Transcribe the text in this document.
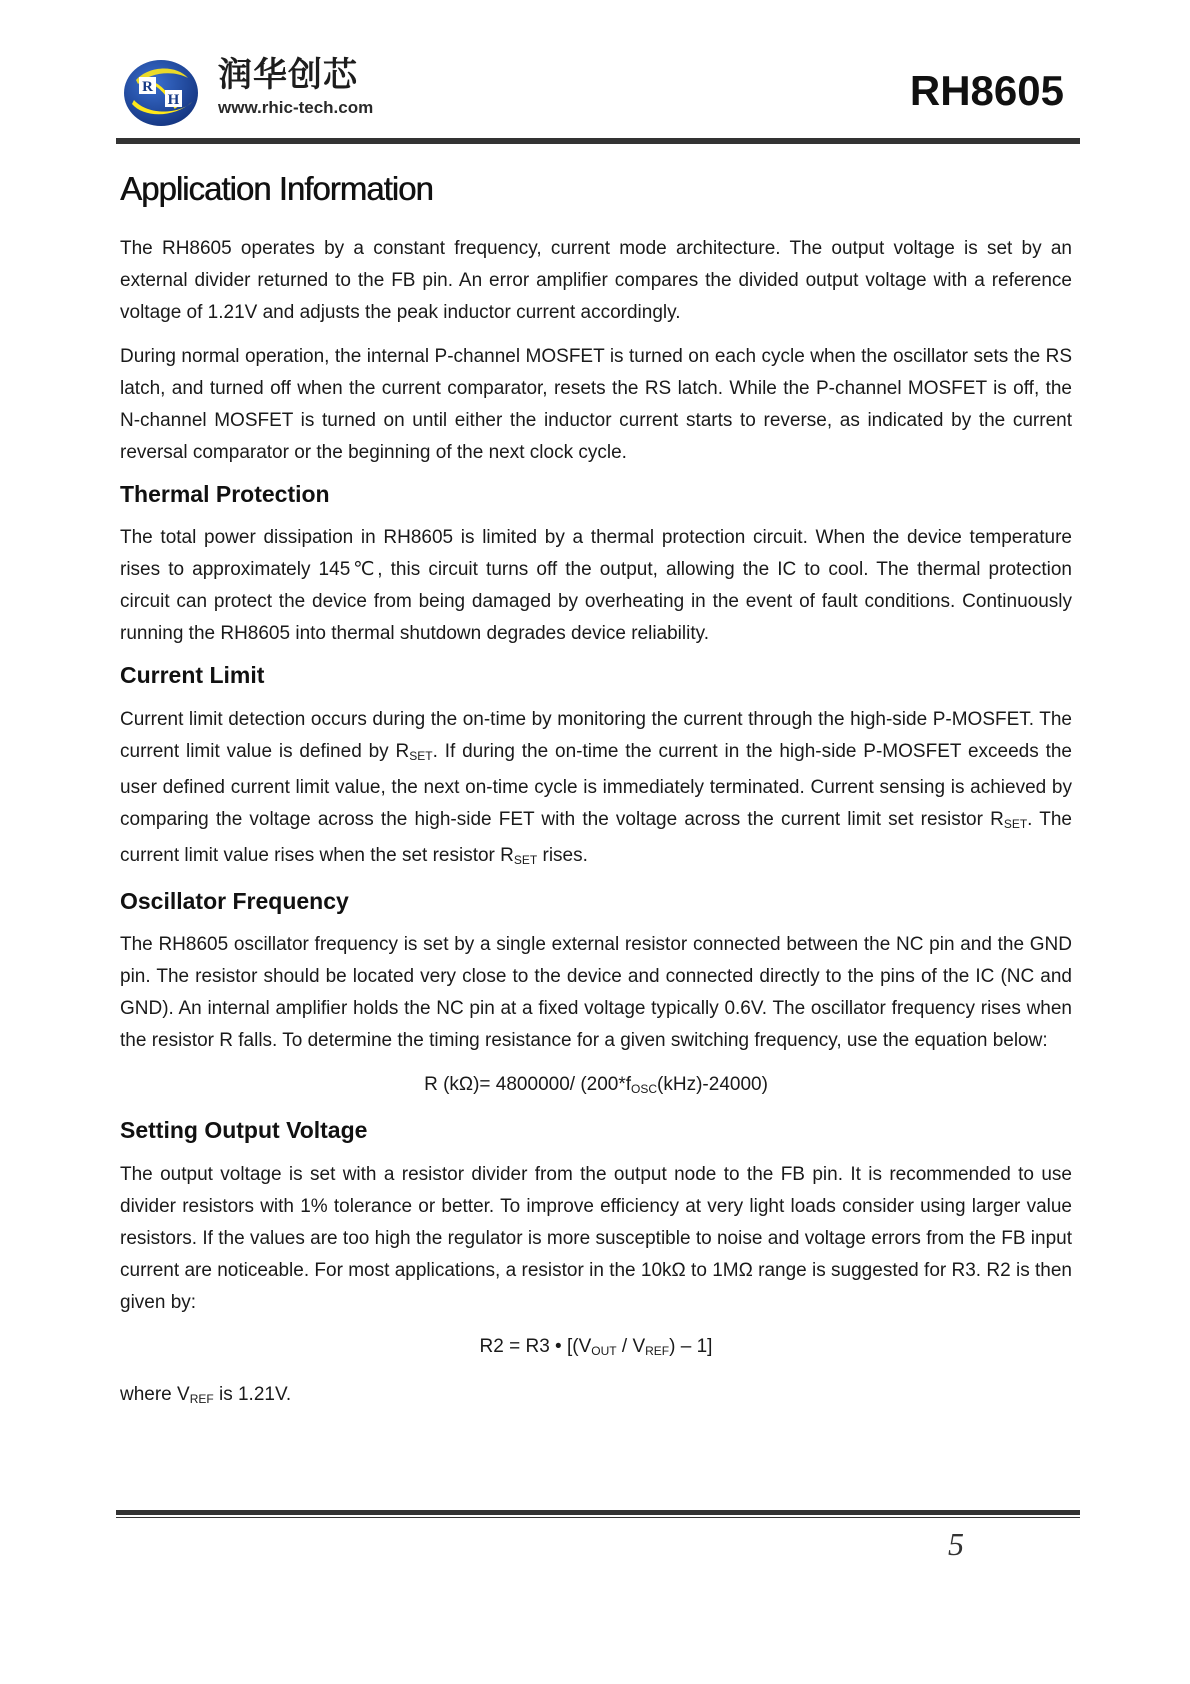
R
H
润华创芯
www.rhic-tech.com	RH8605
Application Information

The RH8605 operates by a constant frequency, current mode architecture. The output voltage is set by an external divider returned to the FB pin. An error amplifier compares the divided output voltage with a reference voltage of 1.21V and adjusts the peak inductor current accordingly.

During normal operation, the internal P-channel MOSFET is turned on each cycle when the oscillator sets the RS latch, and turned off when the current comparator, resets the RS latch. While the P-channel MOSFET is off, the N-channel MOSFET is turned on until either the inductor current starts to reverse, as indicated by the current reversal comparator or the beginning of the next clock cycle.

Thermal Protection

The total power dissipation in RH8605 is limited by a thermal protection circuit. When the device temperature rises to approximately 145℃, this circuit turns off the output, allowing the IC to cool. The thermal protection circuit can protect the device from being damaged by overheating in the event of fault conditions. Continuously running the RH8605 into thermal shutdown degrades device reliability.

Current Limit

Current limit detection occurs during the on-time by monitoring the current through the high-side P-MOSFET. The current limit value is defined by $R_{SET}$. If during the on-time the current in the high-side P-MOSFET exceeds the user defined current limit value, the next on-time cycle is immediately terminated. Current sensing is achieved by comparing the voltage across the high-side FET with the voltage across the current limit set resistor $R_{SET}$. The current limit value rises when the set resistor $R_{SET}$ rises.

Oscillator Frequency

The RH8605 oscillator frequency is set by a single external resistor connected between the NC pin and the GND pin. The resistor should be located very close to the device and connected directly to the pins of the IC (NC and GND). An internal amplifier holds the NC pin at a fixed voltage typically 0.6V. The oscillator frequency rises when the resistor R falls. To determine the timing resistance for a given switching frequency, use the equation below:

R (kΩ)= 4800000/ $(200*f_{OSC}(kHz)-24000)$
Setting Output Voltage

The output voltage is set with a resistor divider from the output node to the FB pin. It is recommended to use divider resistors with 1% tolerance or better. To improve efficiency at very light loads consider using larger value resistors. If the values are too high the regulator is more susceptible to noise and voltage errors from the FB input current are noticeable. For most applications, a resistor in the 10kΩ to 1MΩ range is suggested for R3. R2 is then given by:

R2 = R3 • $[(V_{OUT} / V_{REF}) - 1]$

where $V_{REF}$ is 1.21V.

5
